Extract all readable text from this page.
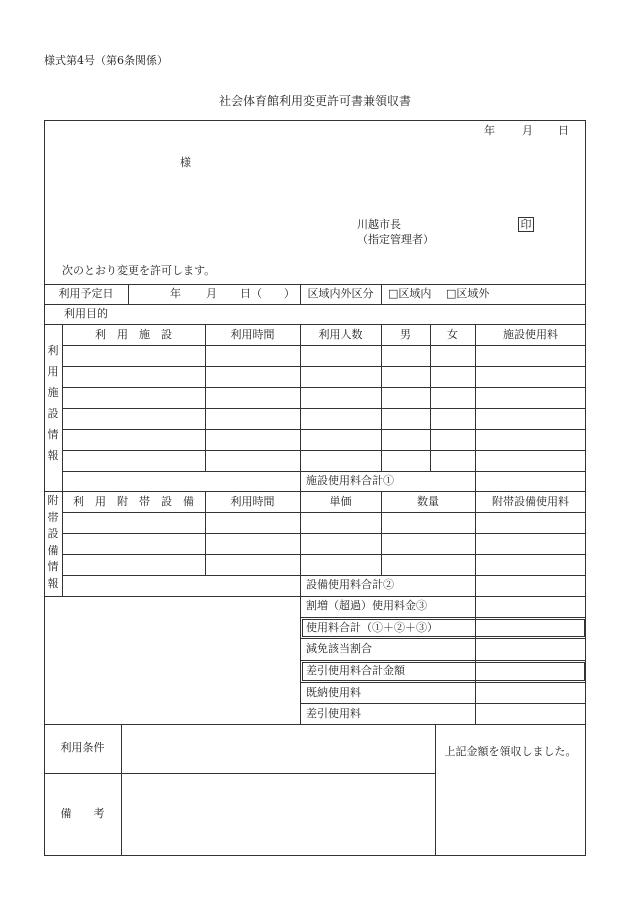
様式第4号（第6条関係）
社会体育館利用変更許可書兼領収書
年 月 日
様
川越市長
（指定管理者）
印
次のとおり変更を許可します。
利用予定日	年 月 日（　　）	区域内外区分	□区域内 □区域外
利用目的
利
用
施
設
情
報
利　用　施　設	利用時間	利用人数	男	女	施設使用料
施設使用料合計①
附
帯
設
備
情
報
利　用　附　帯　設　備	利用時間	単価	数量	附帯設備使用料
設備使用料合計②
割増（超過）使用料金③
使用料合計（①＋②＋③）
減免該当割合
差引使用料合計金額
既納使用料
差引使用料
利用条件
備　　考
上記金額を領収しました。
